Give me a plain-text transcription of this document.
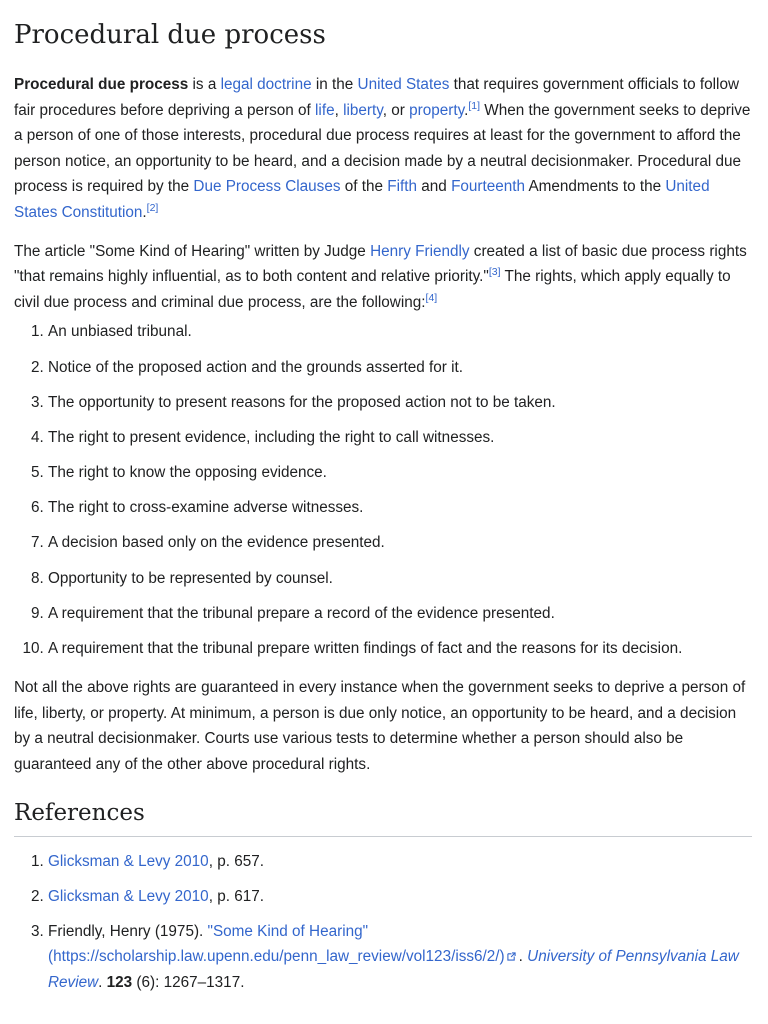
Procedural due process

Procedural due process is a legal doctrine in the United States that requires government officials to follow fair procedures before depriving a person of life, liberty, or property.[1] When the government seeks to deprive a person of one of those interests, procedural due process requires at least for the government to afford the person notice, an opportunity to be heard, and a decision made by a neutral decisionmaker. Procedural due process is required by the Due Process Clauses of the Fifth and Fourteenth Amendments to the United States Constitution.[2]

The article "Some Kind of Hearing" written by Judge Henry Friendly created a list of basic due process rights "that remains highly influential, as to both content and relative priority."[3] The rights, which apply equally to civil due process and criminal due process, are the following:[4]

1. An unbiased tribunal.
2. Notice of the proposed action and the grounds asserted for it.
3. The opportunity to present reasons for the proposed action not to be taken.
4. The right to present evidence, including the right to call witnesses.
5. The right to know the opposing evidence.
6. The right to cross-examine adverse witnesses.
7. A decision based only on the evidence presented.
8. Opportunity to be represented by counsel.
9. A requirement that the tribunal prepare a record of the evidence presented.
10. A requirement that the tribunal prepare written findings of fact and the reasons for its decision.

Not all the above rights are guaranteed in every instance when the government seeks to deprive a person of life, liberty, or property. At minimum, a person is due only notice, an opportunity to be heard, and a decision by a neutral decisionmaker. Courts use various tests to determine whether a person should also be guaranteed any of the other above procedural rights.

References
1. Glicksman & Levy 2010, p. 657.
2. Glicksman & Levy 2010, p. 617.
3. Friendly, Henry (1975). "Some Kind of Hearing" (https://scholarship.law.upenn.edu/penn_law_review/vol123/iss6/2/) . University of Pennsylvania Law Review. 123 (6): 1267–1317.
